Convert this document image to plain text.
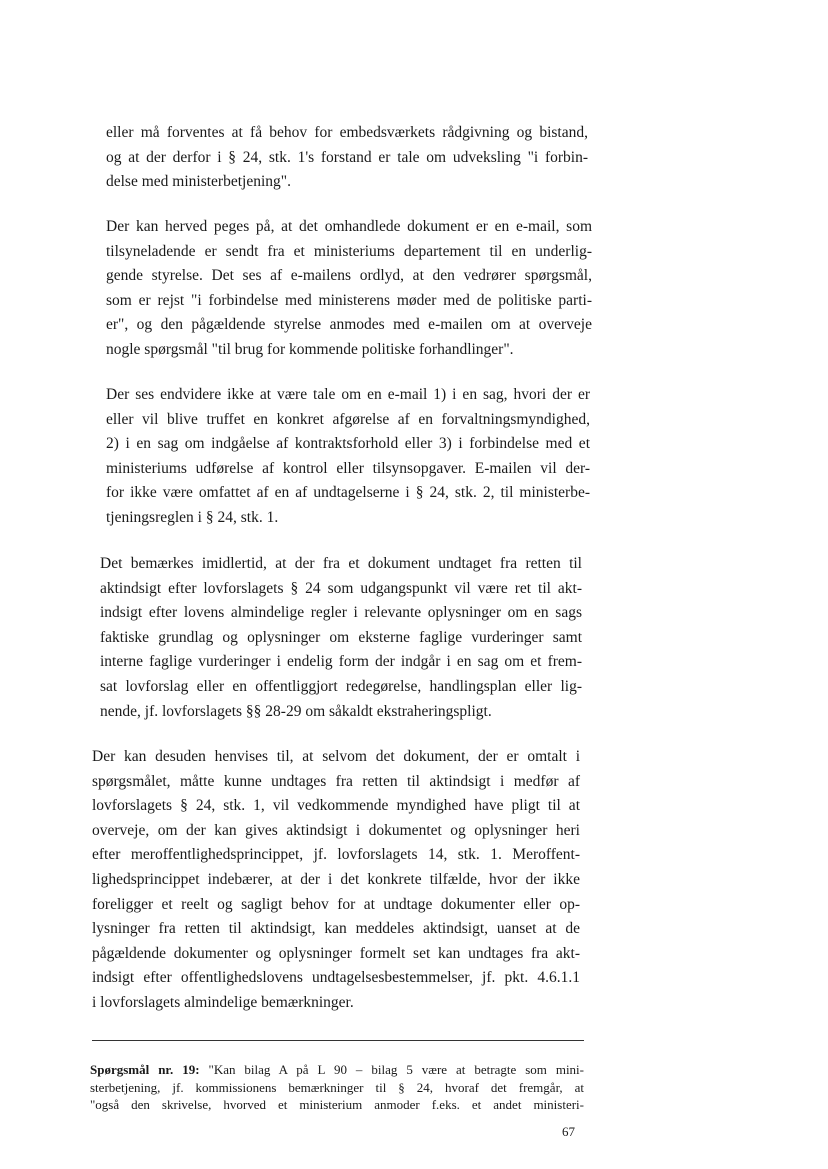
eller må forventes at få behov for embedsværkets rådgivning og bistand,
og at der derfor i § 24, stk. 1's forstand er tale om udveksling "i forbin-
delse med ministerbetjening".

Der kan herved peges på, at det omhandlede dokument er en e-mail, som
tilsyneladende er sendt fra et ministeriums departement til en underlig-
gende styrelse. Det ses af e-mailens ordlyd, at den vedrører spørgsmål,
som er rejst "i forbindelse med ministerens møder med de politiske parti-
er", og den pågældende styrelse anmodes med e-mailen om at overveje
nogle spørgsmål "til brug for kommende politiske forhandlinger".

Der ses endvidere ikke at være tale om en e-mail 1) i en sag, hvori der er
eller vil blive truffet en konkret afgørelse af en forvaltningsmyndighed,
2) i en sag om indgåelse af kontraktsforhold eller 3) i forbindelse med et
ministeriums udførelse af kontrol eller tilsynsopgaver. E-mailen vil der-
for ikke være omfattet af en af undtagelserne i § 24, stk. 2, til ministerbe-
tjeningsreglen i § 24, stk. 1.

Det bemærkes imidlertid, at der fra et dokument undtaget fra retten til
aktindsigt efter lovforslagets § 24 som udgangspunkt vil være ret til akt-
indsigt efter lovens almindelige regler i relevante oplysninger om en sags
faktiske grundlag og oplysninger om eksterne faglige vurderinger samt
interne faglige vurderinger i endelig form der indgår i en sag om et frem-
sat lovforslag eller en offentliggjort redegørelse, handlingsplan eller lig-
nende, jf. lovforslagets §§ 28-29 om såkaldt ekstraheringspligt.

Der kan desuden henvises til, at selvom det dokument, der er omtalt i
spørgsmålet, måtte kunne undtages fra retten til aktindsigt i medfør af
lovforslagets § 24, stk. 1, vil vedkommende myndighed have pligt til at
overveje, om der kan gives aktindsigt i dokumentet og oplysninger heri
efter meroffentlighedsprincippet, jf. lovforslagets 14, stk. 1. Meroffent-
lighedsprincippet indebærer, at der i det konkrete tilfælde, hvor der ikke
foreligger et reelt og sagligt behov for at undtage dokumenter eller op-
lysninger fra retten til aktindsigt, kan meddeles aktindsigt, uanset at de
pågældende dokumenter og oplysninger formelt set kan undtages fra akt-
indsigt efter offentlighedslovens undtagelsesbestemmelser, jf. pkt. 4.6.1.1
i lovforslagets almindelige bemærkninger.

Spørgsmål nr. 19: "Kan bilag A på L 90 – bilag 5 være at betragte som mini-
sterbetjening, jf. kommissionens bemærkninger til § 24, hvoraf det fremgår, at
"også den skrivelse, hvorved et ministerium anmoder f.eks. et andet ministeri-

67
